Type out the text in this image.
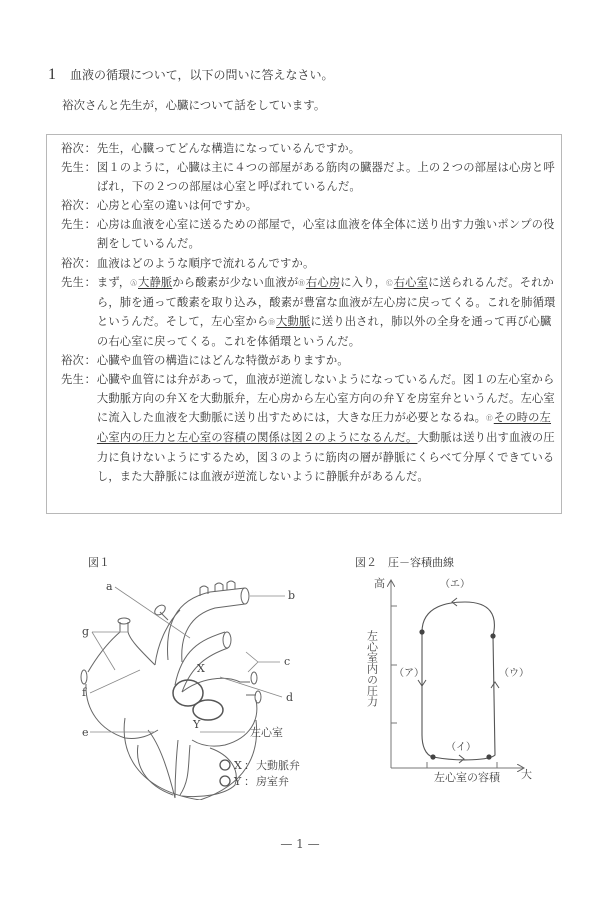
1 血液の循環について，以下の問いに答えなさい。
裕次さんと先生が，心臓について話をしています。
裕次 ： 先生，心臓ってどんな構造になっているんですか。
先生 ： 図１のように，心臓は主に４つの部屋がある筋肉の臓器だよ。上の２つの部屋は心房と呼ばれ，下の２つの部屋は心室と呼ばれているんだ。
裕次 ： 心房と心室の違いは何ですか。
先生 ： 心房は血液を心室に送るための部屋で，心室は血液を体全体に送り出す力強いポンプの役割をしているんだ。
裕次 ： 血液はどのような順序で流れるんですか。
先生 ： まず，Ⓐ大静脈から酸素が少ない血液がⒷ右心房に入り，Ⓒ右心室に送られるんだ。それから，肺を通って酸素を取り込み，酸素が豊富な血液が左心房に戻ってくる。これを肺循環というんだ。そして，左心室からⒹ大動脈に送り出され，肺以外の全身を通って再び心臓の右心室に戻ってくる。これを体循環というんだ。
裕次 ： 心臓や血管の構造にはどんな特徴がありますか。
先生 ： 心臓や血管には弁があって，血液が逆流しないようになっているんだ。図１の左心室から大動脈方向の弁Ｘを大動脈弁，左心房から左心室方向の弁Ｙを房室弁というんだ。左心室に流入した血液を大動脈に送り出すためには，大きな圧力が必要となるね。Ⓔその時の左心室内の圧力と左心室の容積の関係は図２のようになるんだ。大動脈は送り出す血液の圧力に負けないようにするため，図３のように筋肉の層が静脈にくらべて分厚くできているし，また大静脈には血液が逆流しないように静脈弁があるんだ。
図１	図２　圧－容積曲線
a
b
g
c
f	d
e
X
Y
左心室
X ： 大動脈弁
Y ： 房室弁
高
大
左心室の容積
左心室内の圧力
（エ）
（ア）
（イ）
（ウ）
— 1 —
